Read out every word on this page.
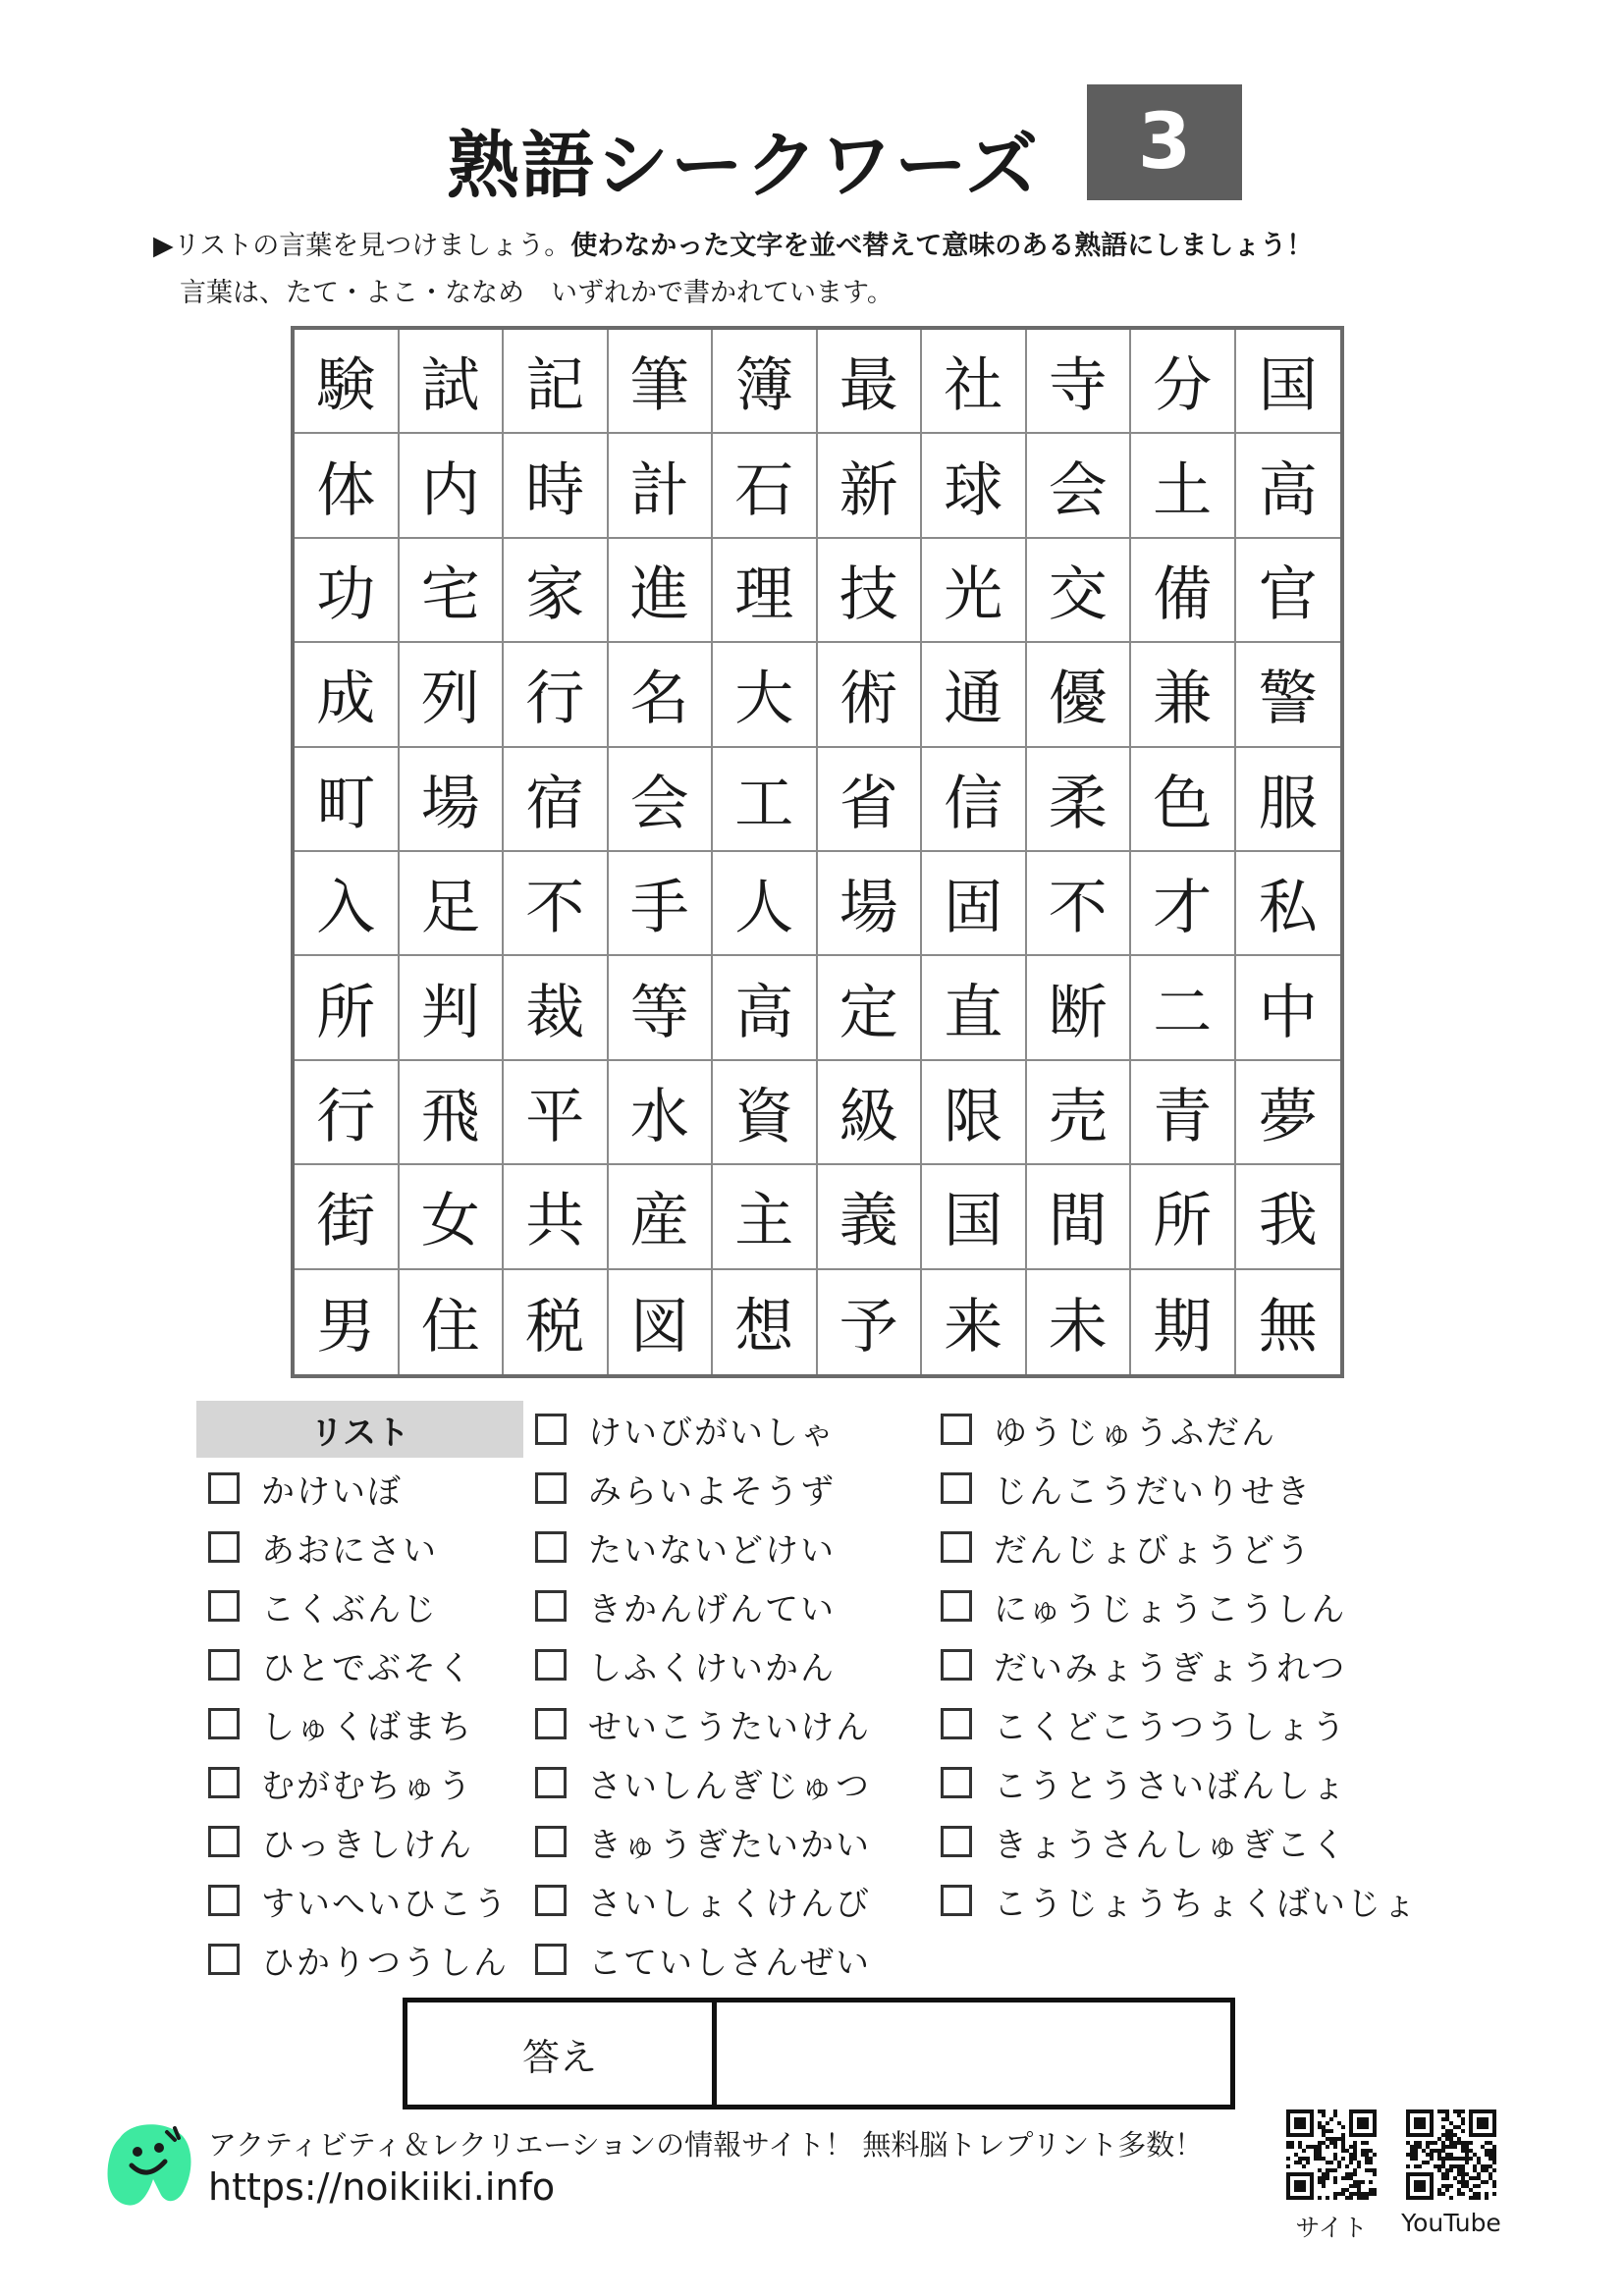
熟語シークワーズ	3
▶リストの言葉を見つけましょう。使わなかった文字を並べ替えて意味のある熟語にしましょう！
言葉は、たて・よこ・ななめ　いずれかで書かれています。
験 試 記 筆 簿 最 社 寺 分 国
体 内 時 計 石 新 球 会 土 高
功 宅 家 進 理 技 光 交 備 官
成 列 行 名 大 術 通 優 兼 警
町 場 宿 会 工 省 信 柔 色 服
入 足 不 手 人 場 固 不 才 私
所 判 裁 等 高 定 直 断 二 中
行 飛 平 水 資 級 限 売 青 夢
街 女 共 産 主 義 国 間 所 我
男 住 税 図 想 予 来 未 期 無
リスト
かけいぼ
あおにさい
こくぶんじ
ひとでぶそく
しゅくばまち
むがむちゅう
ひっきしけん
すいへいひこう
ひかりつうしん
けいびがいしゃ
みらいよそうず
たいないどけい
きかんげんてい
しふくけいかん
せいこうたいけん
さいしんぎじゅつ
きゅうぎたいかい
さいしょくけんび
こていしさんぜい
ゆうじゅうふだん
じんこうだいりせき
だんじょびょうどう
にゅうじょうこうしん
だいみょうぎょうれつ
こくどこうつうしょう
こうとうさいばんしょ
きょうさんしゅぎこく
こうじょうちょくばいじょ
答え
アクティビティ＆レクリエーションの情報サイト！ 無料脳トレプリント多数！
https://noikiiki.info
サイト	YouTube
